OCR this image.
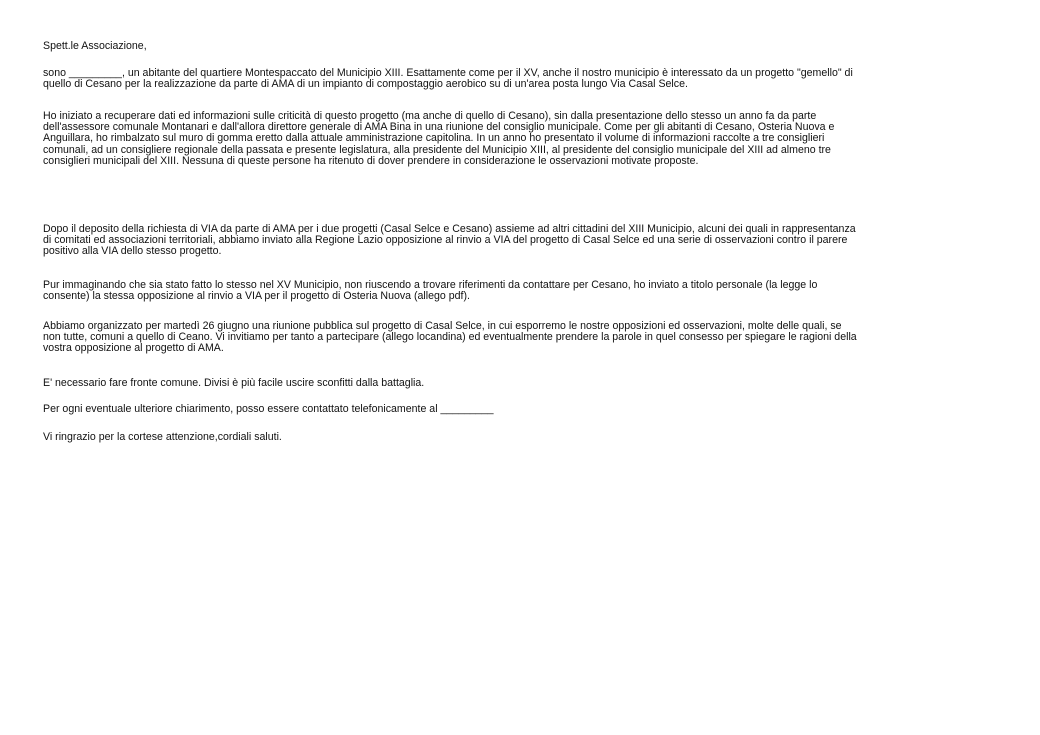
Spett.le Associazione,
sono _________, un abitante del quartiere Montespaccato del Municipio XIII. Esattamente come per il XV, anche il nostro municipio è interessato da un progetto "gemello" di
quello di Cesano per la realizzazione da parte di AMA di un impianto di compostaggio aerobico su di un'area posta lungo Via Casal Selce.
Ho iniziato a recuperare dati ed informazioni sulle criticità di questo progetto (ma anche di quello di Cesano), sin dalla presentazione dello stesso un anno fa da parte
dell'assessore comunale Montanari e dall'allora direttore generale di AMA Bina in una riunione del consiglio municipale. Come per gli abitanti di Cesano, Osteria Nuova e
Anguillara, ho rimbalzato sul muro di gomma eretto dalla attuale amministrazione capitolina. In un anno ho presentato il volume di informazioni raccolte a tre consiglieri
comunali, ad un consigliere regionale della passata e presente legislatura, alla presidente del Municipio XIII, al presidente del consiglio municipale del XIII ad almeno tre
consiglieri municipali del XIII. Nessuna di queste persone ha ritenuto di dover prendere in considerazione le osservazioni motivate proposte.
Dopo il deposito della richiesta di VIA da parte di AMA per i due progetti (Casal Selce e Cesano) assieme ad altri cittadini del XIII Municipio, alcuni dei quali in rappresentanza
di comitati ed associazioni territoriali, abbiamo inviato alla Regione Lazio opposizione al rinvio a VIA del progetto di Casal Selce ed una serie di osservazioni contro il parere
positivo alla VIA dello stesso progetto.
Pur immaginando che sia stato fatto lo stesso nel XV Municipio, non riuscendo a trovare riferimenti da contattare per Cesano, ho inviato a titolo personale (la legge lo
consente) la stessa opposizione al rinvio a VIA per il progetto di Osteria Nuova (allego pdf).
Abbiamo organizzato per martedì 26 giugno una riunione pubblica sul progetto di Casal Selce, in cui esporremo le nostre opposizioni ed osservazioni, molte delle quali, se
non tutte, comuni a quello di Ceano. Vi invitiamo per tanto a partecipare (allego locandina) ed eventualmente prendere la parole in quel consesso per spiegare le ragioni della
vostra opposizione al progetto di AMA.
E' necessario fare fronte comune. Divisi è più facile uscire sconfitti dalla battaglia.
Per ogni eventuale ulteriore chiarimento, posso essere contattato telefonicamente al _________
Vi ringrazio per la cortese attenzione,cordiali saluti.
